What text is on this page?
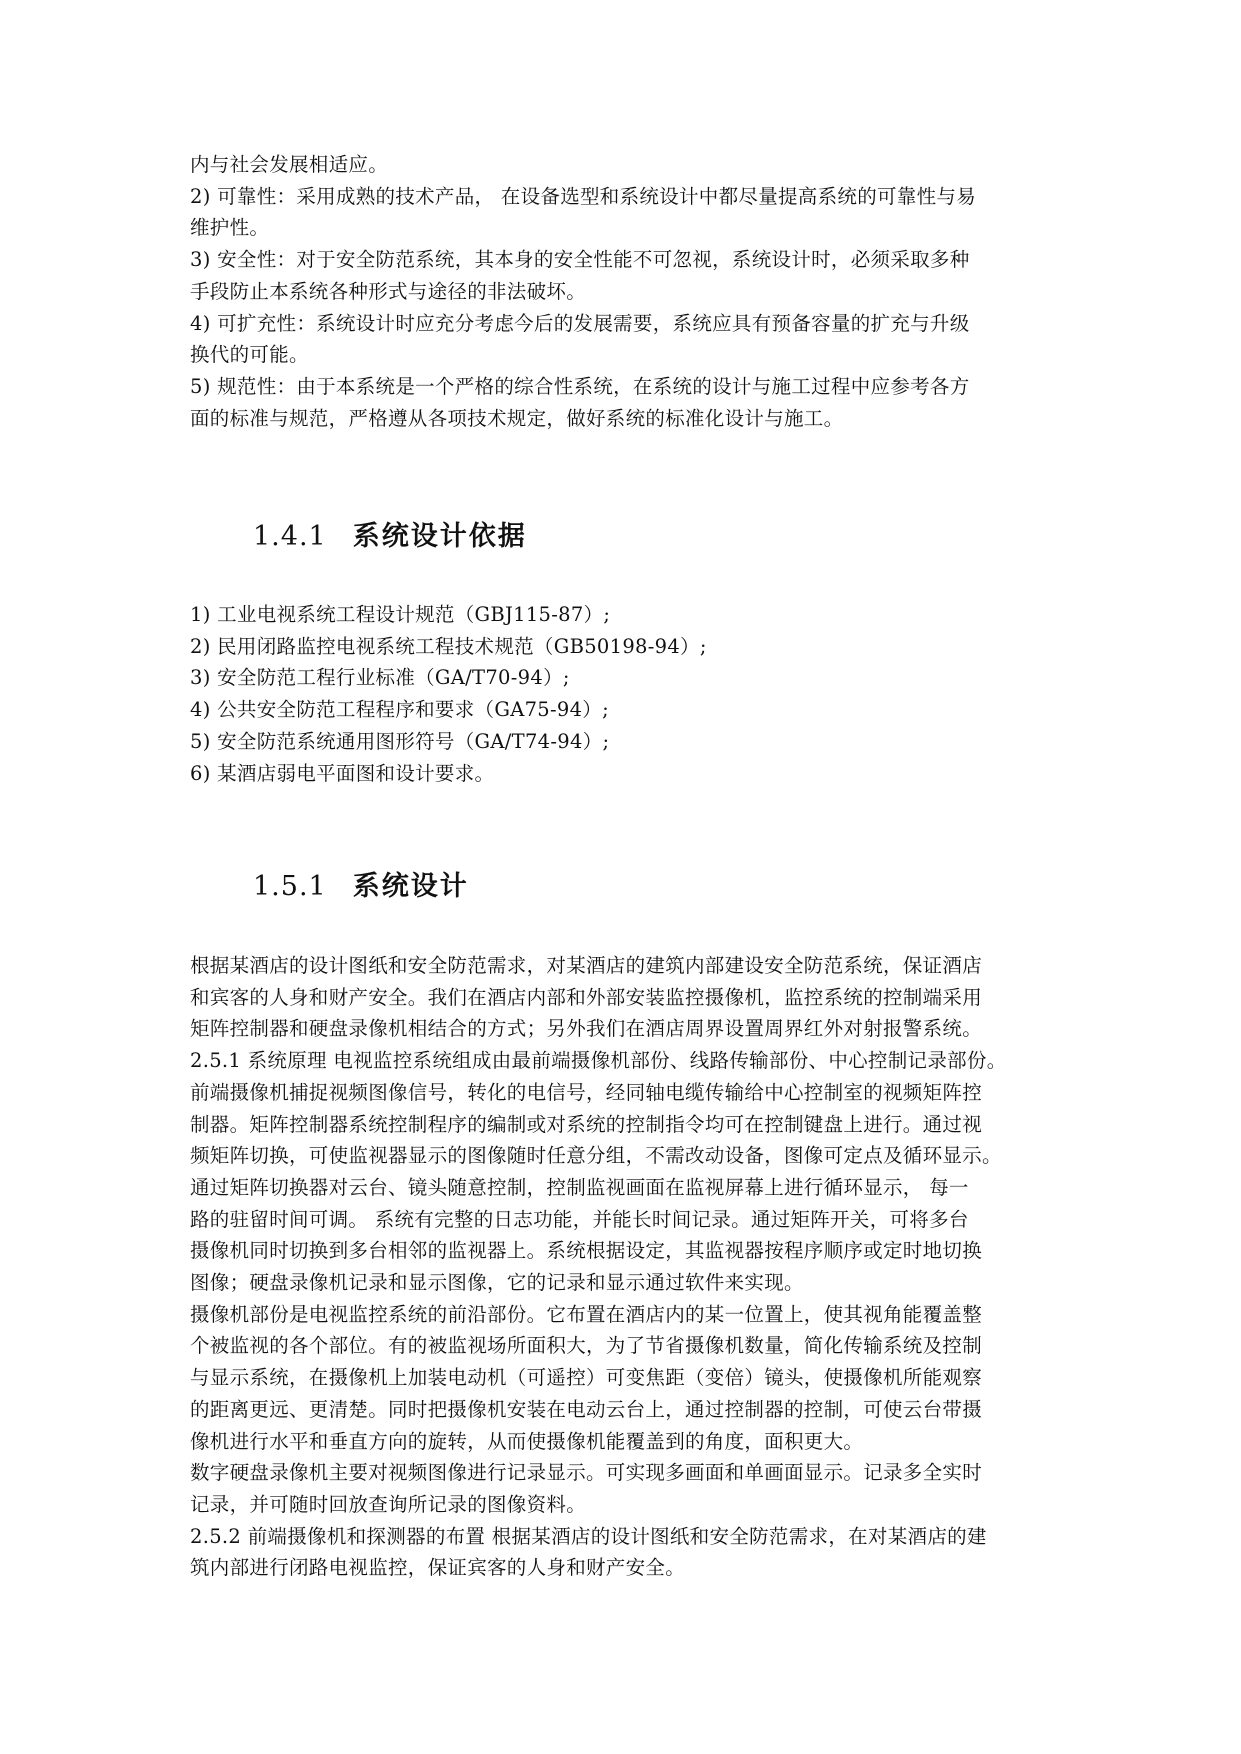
内与社会发展相适应。
2) 可靠性：采用成熟的技术产品， 在设备选型和系统设计中都尽量提高系统的可靠性与易
维护性。
3) 安全性：对于安全防范系统，其本身的安全性能不可忽视，系统设计时，必须采取多种
手段防止本系统各种形式与途径的非法破坏。
4) 可扩充性：系统设计时应充分考虑今后的发展需要，系统应具有预备容量的扩充与升级
换代的可能。
5) 规范性：由于本系统是一个严格的综合性系统，在系统的设计与施工过程中应参考各方
面的标准与规范，严格遵从各项技术规定，做好系统的标准化设计与施工。
1.4.1 系统设计依据
1) 工业电视系统工程设计规范（GBJ115-87）;
2) 民用闭路监控电视系统工程技术规范（GB50198-94）;
3) 安全防范工程行业标准（GA/T70-94）;
4) 公共安全防范工程程序和要求（GA75-94）;
5) 安全防范系统通用图形符号（GA/T74-94）;
6) 某酒店弱电平面图和设计要求。
1.5.1 系统设计
根据某酒店的设计图纸和安全防范需求，对某酒店的建筑内部建设安全防范系统，保证酒店
和宾客的人身和财产安全。我们在酒店内部和外部安装监控摄像机，监控系统的控制端采用
矩阵控制器和硬盘录像机相结合的方式；另外我们在酒店周界设置周界红外对射报警系统。
2.5.1 系统原理 电视监控系统组成由最前端摄像机部份、线路传输部份、中心控制记录部份。
前端摄像机捕捉视频图像信号，转化的电信号，经同轴电缆传输给中心控制室的视频矩阵控
制器。矩阵控制器系统控制程序的编制或对系统的控制指令均可在控制键盘上进行。通过视
频矩阵切换，可使监视器显示的图像随时任意分组，不需改动设备，图像可定点及循环显示。
通过矩阵切换器对云台、镜头随意控制，控制监视画面在监视屏幕上进行循环显示， 每一
路的驻留时间可调。 系统有完整的日志功能，并能长时间记录。通过矩阵开关，可将多台
摄像机同时切换到多台相邻的监视器上。系统根据设定，其监视器按程序顺序或定时地切换
图像；硬盘录像机记录和显示图像，它的记录和显示通过软件来实现。
摄像机部份是电视监控系统的前沿部份。它布置在酒店内的某一位置上，使其视角能覆盖整
个被监视的各个部位。有的被监视场所面积大，为了节省摄像机数量，简化传输系统及控制
与显示系统，在摄像机上加装电动机（可遥控）可变焦距（变倍）镜头，使摄像机所能观察
的距离更远、更清楚。同时把摄像机安装在电动云台上，通过控制器的控制，可使云台带摄
像机进行水平和垂直方向的旋转，从而使摄像机能覆盖到的角度，面积更大。
数字硬盘录像机主要对视频图像进行记录显示。可实现多画面和单画面显示。记录多全实时
记录，并可随时回放查询所记录的图像资料。
2.5.2 前端摄像机和探测器的布置 根据某酒店的设计图纸和安全防范需求，在对某酒店的建
筑内部进行闭路电视监控，保证宾客的人身和财产安全。
